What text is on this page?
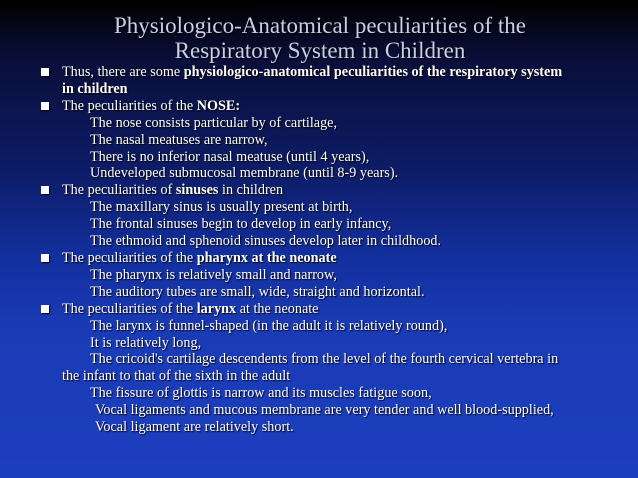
Physiologico-Anatomical peculiarities of the
Respiratory System in Children
Thus, there are some physiologico-anatomical peculiarities of the respiratory system
in children
The peculiarities of the NOSE:
The nose consists particular by of cartilage,
The nasal meatuses are narrow,
There is no inferior nasal meatuse (until 4 years),
Undeveloped submucosal membrane (until 8-9 years).
The peculiarities of sinuses in children
The maxillary sinus is usually present at birth,
The frontal sinuses begin to develop in early infancy,
The ethmoid and sphenoid sinuses develop later in childhood.
The peculiarities of the pharynx at the neonate
The pharynx is relatively small and narrow,
The auditory tubes are small, wide, straight and horizontal.
The peculiarities of the larynx at the neonate
The larynx is funnel-shaped (in the adult it is relatively round),
It is relatively long,
The cricoid's cartilage descendents from the level of the fourth cervical vertebra in
the infant to that of the sixth in the adult
The fissure of glottis is narrow and its muscles fatigue soon,
Vocal ligaments and mucous membrane are very tender and well blood-supplied,
Vocal ligament are relatively short.
